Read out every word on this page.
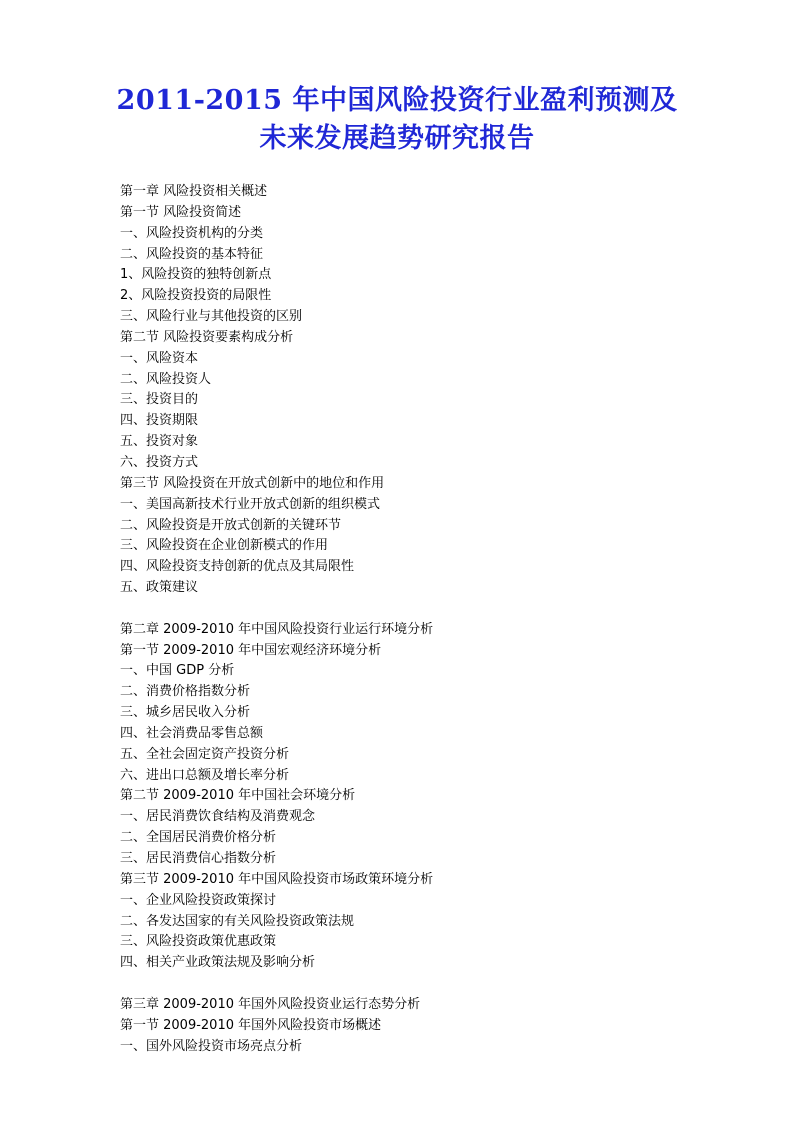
2011-2015 年中国风险投资行业盈利预测及
未来发展趋势研究报告
第一章 风险投资相关概述
第一节 风险投资简述
一、风险投资机构的分类
二、风险投资的基本特征
1、风险投资的独特创新点
2、风险投资投资的局限性
三、风险行业与其他投资的区别
第二节 风险投资要素构成分析
一、风险资本
二、风险投资人
三、投资目的
四、投资期限
五、投资对象
六、投资方式
第三节 风险投资在开放式创新中的地位和作用
一、美国高新技术行业开放式创新的组织模式
二、风险投资是开放式创新的关键环节
三、风险投资在企业创新模式的作用
四、风险投资支持创新的优点及其局限性
五、政策建议
第二章 2009-2010 年中国风险投资行业运行环境分析
第一节 2009-2010 年中国宏观经济环境分析
一、中国 GDP 分析
二、消费价格指数分析
三、城乡居民收入分析
四、社会消费品零售总额
五、全社会固定资产投资分析
六、进出口总额及增长率分析
第二节 2009-2010 年中国社会环境分析
一、居民消费饮食结构及消费观念
二、全国居民消费价格分析
三、居民消费信心指数分析
第三节 2009-2010 年中国风险投资市场政策环境分析
一、企业风险投资政策探讨
二、各发达国家的有关风险投资政策法规
三、风险投资政策优惠政策
四、相关产业政策法规及影响分析
第三章 2009-2010 年国外风险投资业运行态势分析
第一节 2009-2010 年国外风险投资市场概述
一、国外风险投资市场亮点分析
